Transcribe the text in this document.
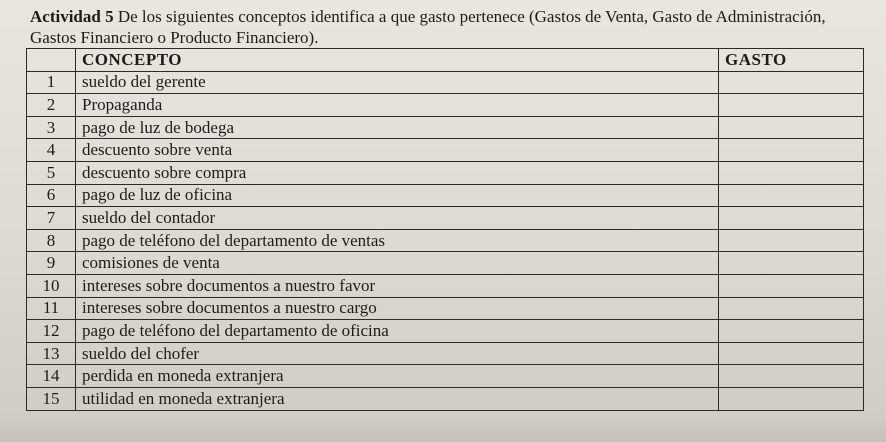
Actividad 5 De los siguientes conceptos identifica a que gasto pertenece (Gastos de Venta, Gasto de Administración, Gastos Financiero o Producto Financiero).
	CONCEPTO	GASTO
1	sueldo del gerente	
2	Propaganda	
3	pago de luz de bodega	
4	descuento sobre venta	
5	descuento sobre compra	
6	pago de luz de oficina	
7	sueldo del contador	
8	pago de teléfono del departamento de ventas	
9	comisiones de venta	
10	intereses sobre documentos a nuestro favor	
11	intereses sobre documentos a nuestro cargo	
12	pago de teléfono del departamento de oficina	
13	sueldo del chofer	
14	perdida en moneda extranjera	
15	utilidad en moneda extranjera	
